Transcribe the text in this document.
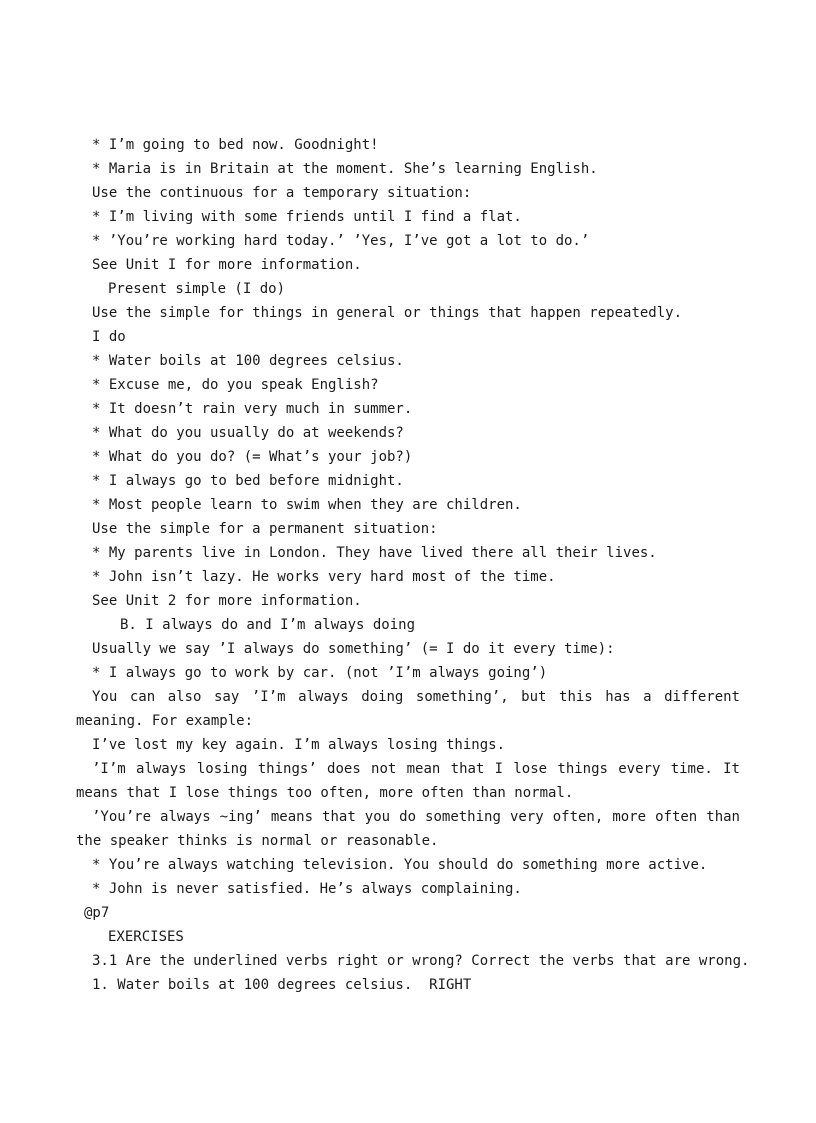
* I’m going to bed now. Goodnight!

* Maria is in Britain at the moment. She’s learning English.

Use the continuous for a temporary situation:

* I’m living with some friends until I find a flat.

* ’You’re working hard today.’ ’Yes, I’ve got a lot to do.’

See Unit I for more information.

Present simple (I do)

Use the simple for things in general or things that happen repeatedly.

I do

* Water boils at 100 degrees celsius.

* Excuse me, do you speak English?

* It doesn’t rain very much in summer.

* What do you usually do at weekends?

* What do you do? (= What’s your job?)

* I always go to bed before midnight.

* Most people learn to swim when they are children.

Use the simple for a permanent situation:

* My parents live in London. They have lived there all their lives.

* John isn’t lazy. He works very hard most of the time.

See Unit 2 for more information.

B. I always do and I’m always doing

Usually we say ’I always do something’ (= I do it every time):

* I always go to work by car. (not ’I’m always going’)

You can also say ’I’m always doing something’, but this has a different

meaning. For example:

I’ve lost my key again. I’m always losing things.

’I’m always losing things’ does not mean that I lose things every time. It

means that I lose things too often, more often than normal.

’You’re always ~ing’ means that you do something very often, more often than

the speaker thinks is normal or reasonable.

* You’re always watching television. You should do something more active.

* John is never satisfied. He’s always complaining.

@p7

EXERCISES

3.1 Are the underlined verbs right or wrong? Correct the verbs that are wrong.

1. Water boils at 100 degrees celsius.  RIGHT
